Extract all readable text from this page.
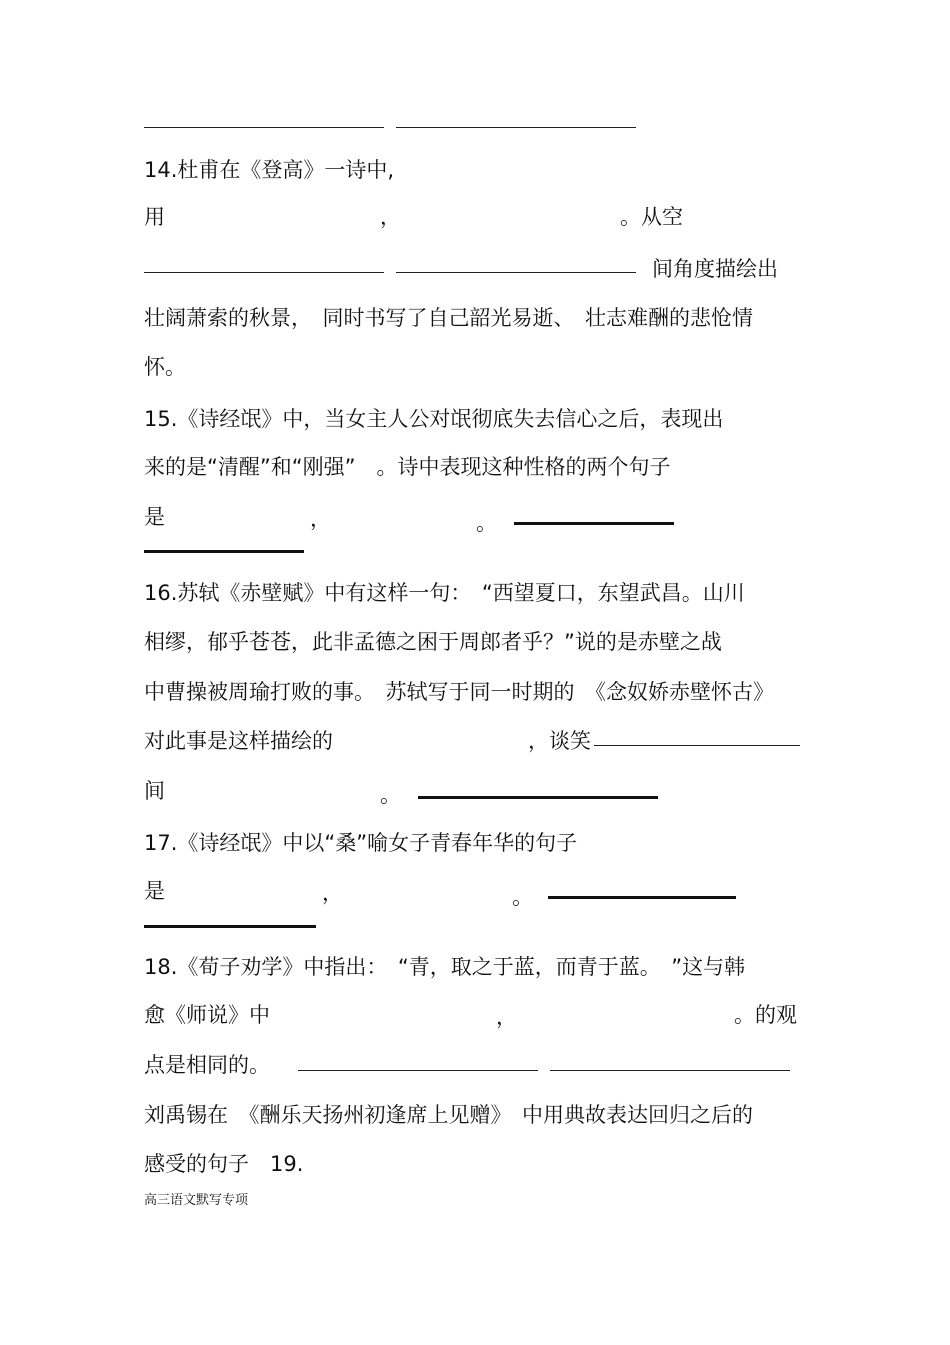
14.杜甫在《登高》一诗中,
用	，	。从空
间角度描绘出
壮阔萧索的秋景，　同时书写了自己韶光易逝、　壮志难酬的悲怆情
怀。
15.《诗经氓》中，当女主人公对氓彻底失去信心之后，表现出
来的是“清醒”和“刚强”　。诗中表现这种性格的两个句子
是	，	。
16.苏轼《赤壁赋》中有这样一句：　“西望夏口，东望武昌。山川
相缪，郁乎苍苍，此非孟德之困于周郎者乎？”说的是赤壁之战
中曹操被周瑜打败的事。　苏轼写于同一时期的　《念奴娇赤壁怀古》
对此事是这样描绘的	，谈笑
间	。
17.《诗经氓》中以“桑”喻女子青春年华的句子
是	，	。
18.《荀子劝学》中指出：　“青，取之于蓝，而青于蓝。　”这与韩
愈《师说》中	，	。的观
点是相同的。
刘禹锡在　《酬乐天扬州初逢席上见赠》　中用典故表达回归之后的
感受的句子　19.
高三语文默写专项
